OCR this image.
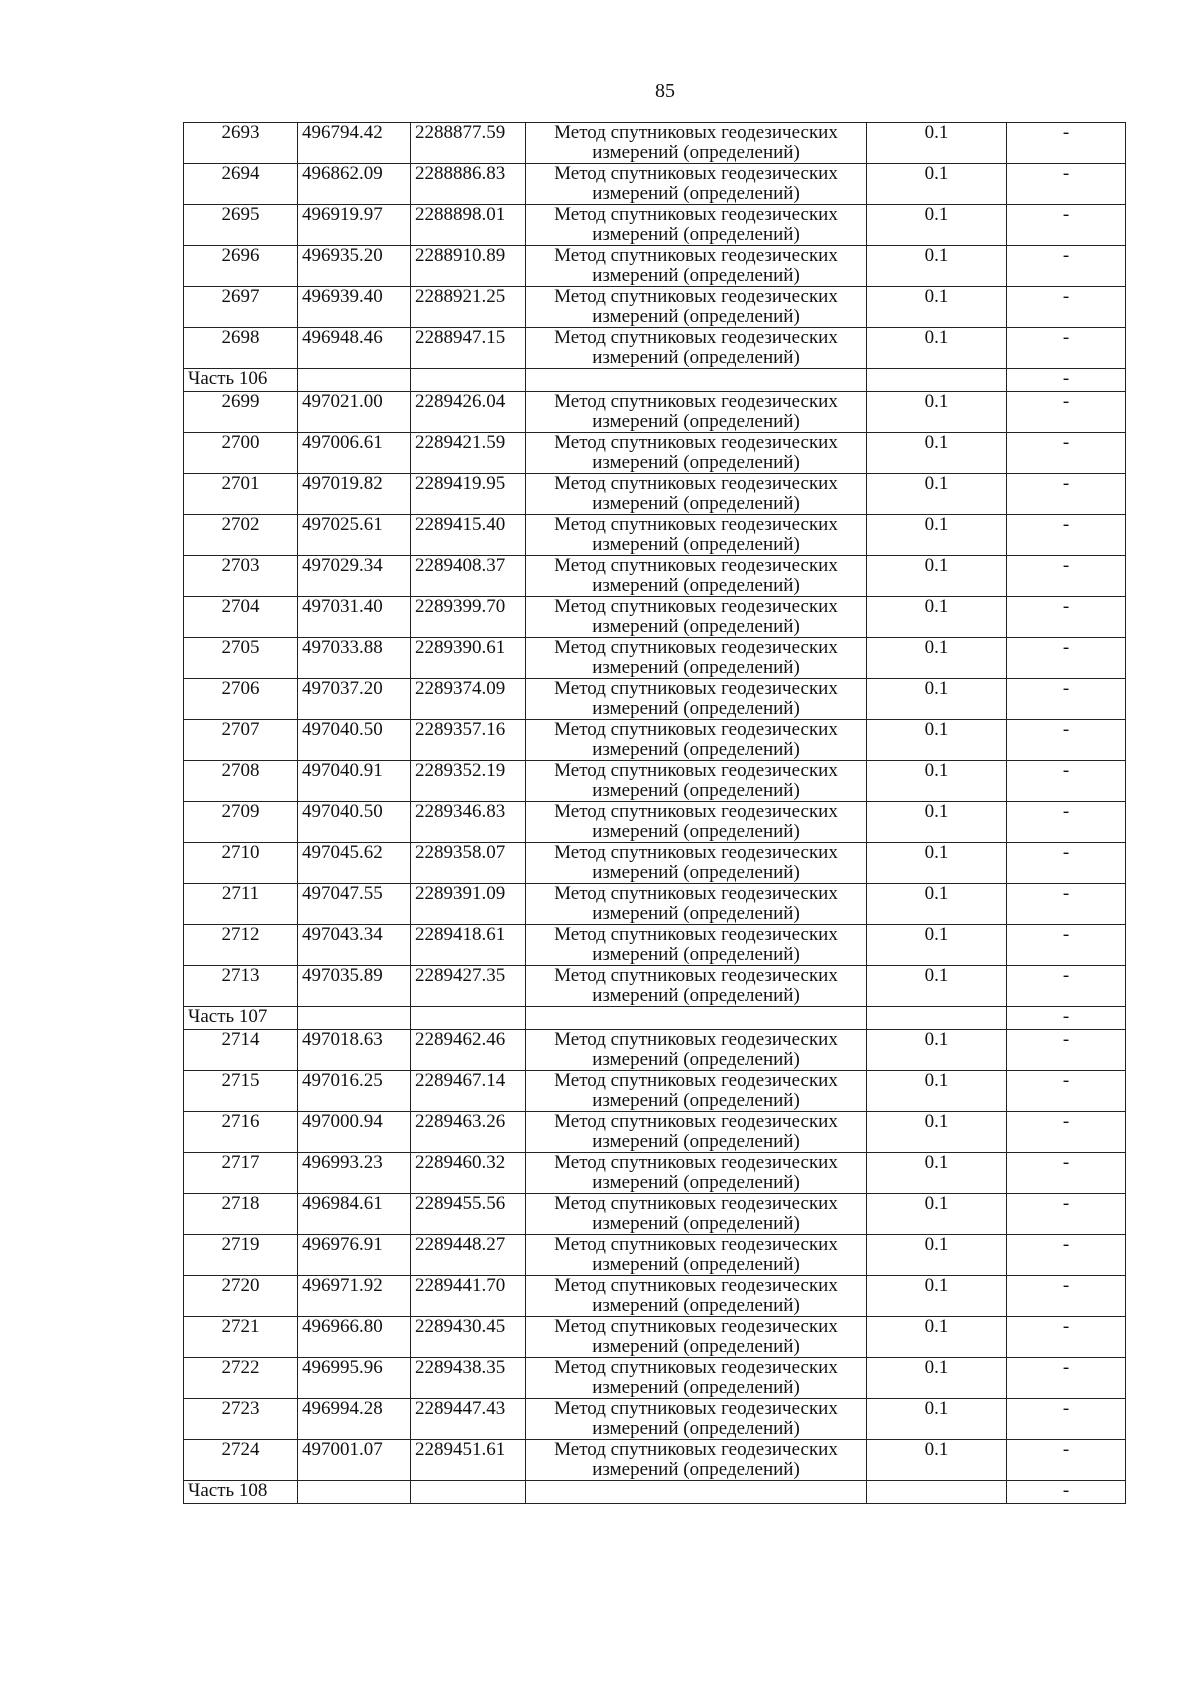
85
2693	496794.42	2288877.59	Метод спутниковых геодезических измерений (определений)	0.1	-
2694	496862.09	2288886.83	Метод спутниковых геодезических измерений (определений)	0.1	-
2695	496919.97	2288898.01	Метод спутниковых геодезических измерений (определений)	0.1	-
2696	496935.20	2288910.89	Метод спутниковых геодезических измерений (определений)	0.1	-
2697	496939.40	2288921.25	Метод спутниковых геодезических измерений (определений)	0.1	-
2698	496948.46	2288947.15	Метод спутниковых геодезических измерений (определений)	0.1	-
Часть 106					-
2699	497021.00	2289426.04	Метод спутниковых геодезических измерений (определений)	0.1	-
2700	497006.61	2289421.59	Метод спутниковых геодезических измерений (определений)	0.1	-
2701	497019.82	2289419.95	Метод спутниковых геодезических измерений (определений)	0.1	-
2702	497025.61	2289415.40	Метод спутниковых геодезических измерений (определений)	0.1	-
2703	497029.34	2289408.37	Метод спутниковых геодезических измерений (определений)	0.1	-
2704	497031.40	2289399.70	Метод спутниковых геодезических измерений (определений)	0.1	-
2705	497033.88	2289390.61	Метод спутниковых геодезических измерений (определений)	0.1	-
2706	497037.20	2289374.09	Метод спутниковых геодезических измерений (определений)	0.1	-
2707	497040.50	2289357.16	Метод спутниковых геодезических измерений (определений)	0.1	-
2708	497040.91	2289352.19	Метод спутниковых геодезических измерений (определений)	0.1	-
2709	497040.50	2289346.83	Метод спутниковых геодезических измерений (определений)	0.1	-
2710	497045.62	2289358.07	Метод спутниковых геодезических измерений (определений)	0.1	-
2711	497047.55	2289391.09	Метод спутниковых геодезических измерений (определений)	0.1	-
2712	497043.34	2289418.61	Метод спутниковых геодезических измерений (определений)	0.1	-
2713	497035.89	2289427.35	Метод спутниковых геодезических измерений (определений)	0.1	-
Часть 107					-
2714	497018.63	2289462.46	Метод спутниковых геодезических измерений (определений)	0.1	-
2715	497016.25	2289467.14	Метод спутниковых геодезических измерений (определений)	0.1	-
2716	497000.94	2289463.26	Метод спутниковых геодезических измерений (определений)	0.1	-
2717	496993.23	2289460.32	Метод спутниковых геодезических измерений (определений)	0.1	-
2718	496984.61	2289455.56	Метод спутниковых геодезических измерений (определений)	0.1	-
2719	496976.91	2289448.27	Метод спутниковых геодезических измерений (определений)	0.1	-
2720	496971.92	2289441.70	Метод спутниковых геодезических измерений (определений)	0.1	-
2721	496966.80	2289430.45	Метод спутниковых геодезических измерений (определений)	0.1	-
2722	496995.96	2289438.35	Метод спутниковых геодезических измерений (определений)	0.1	-
2723	496994.28	2289447.43	Метод спутниковых геодезических измерений (определений)	0.1	-
2724	497001.07	2289451.61	Метод спутниковых геодезических измерений (определений)	0.1	-
Часть 108					-
